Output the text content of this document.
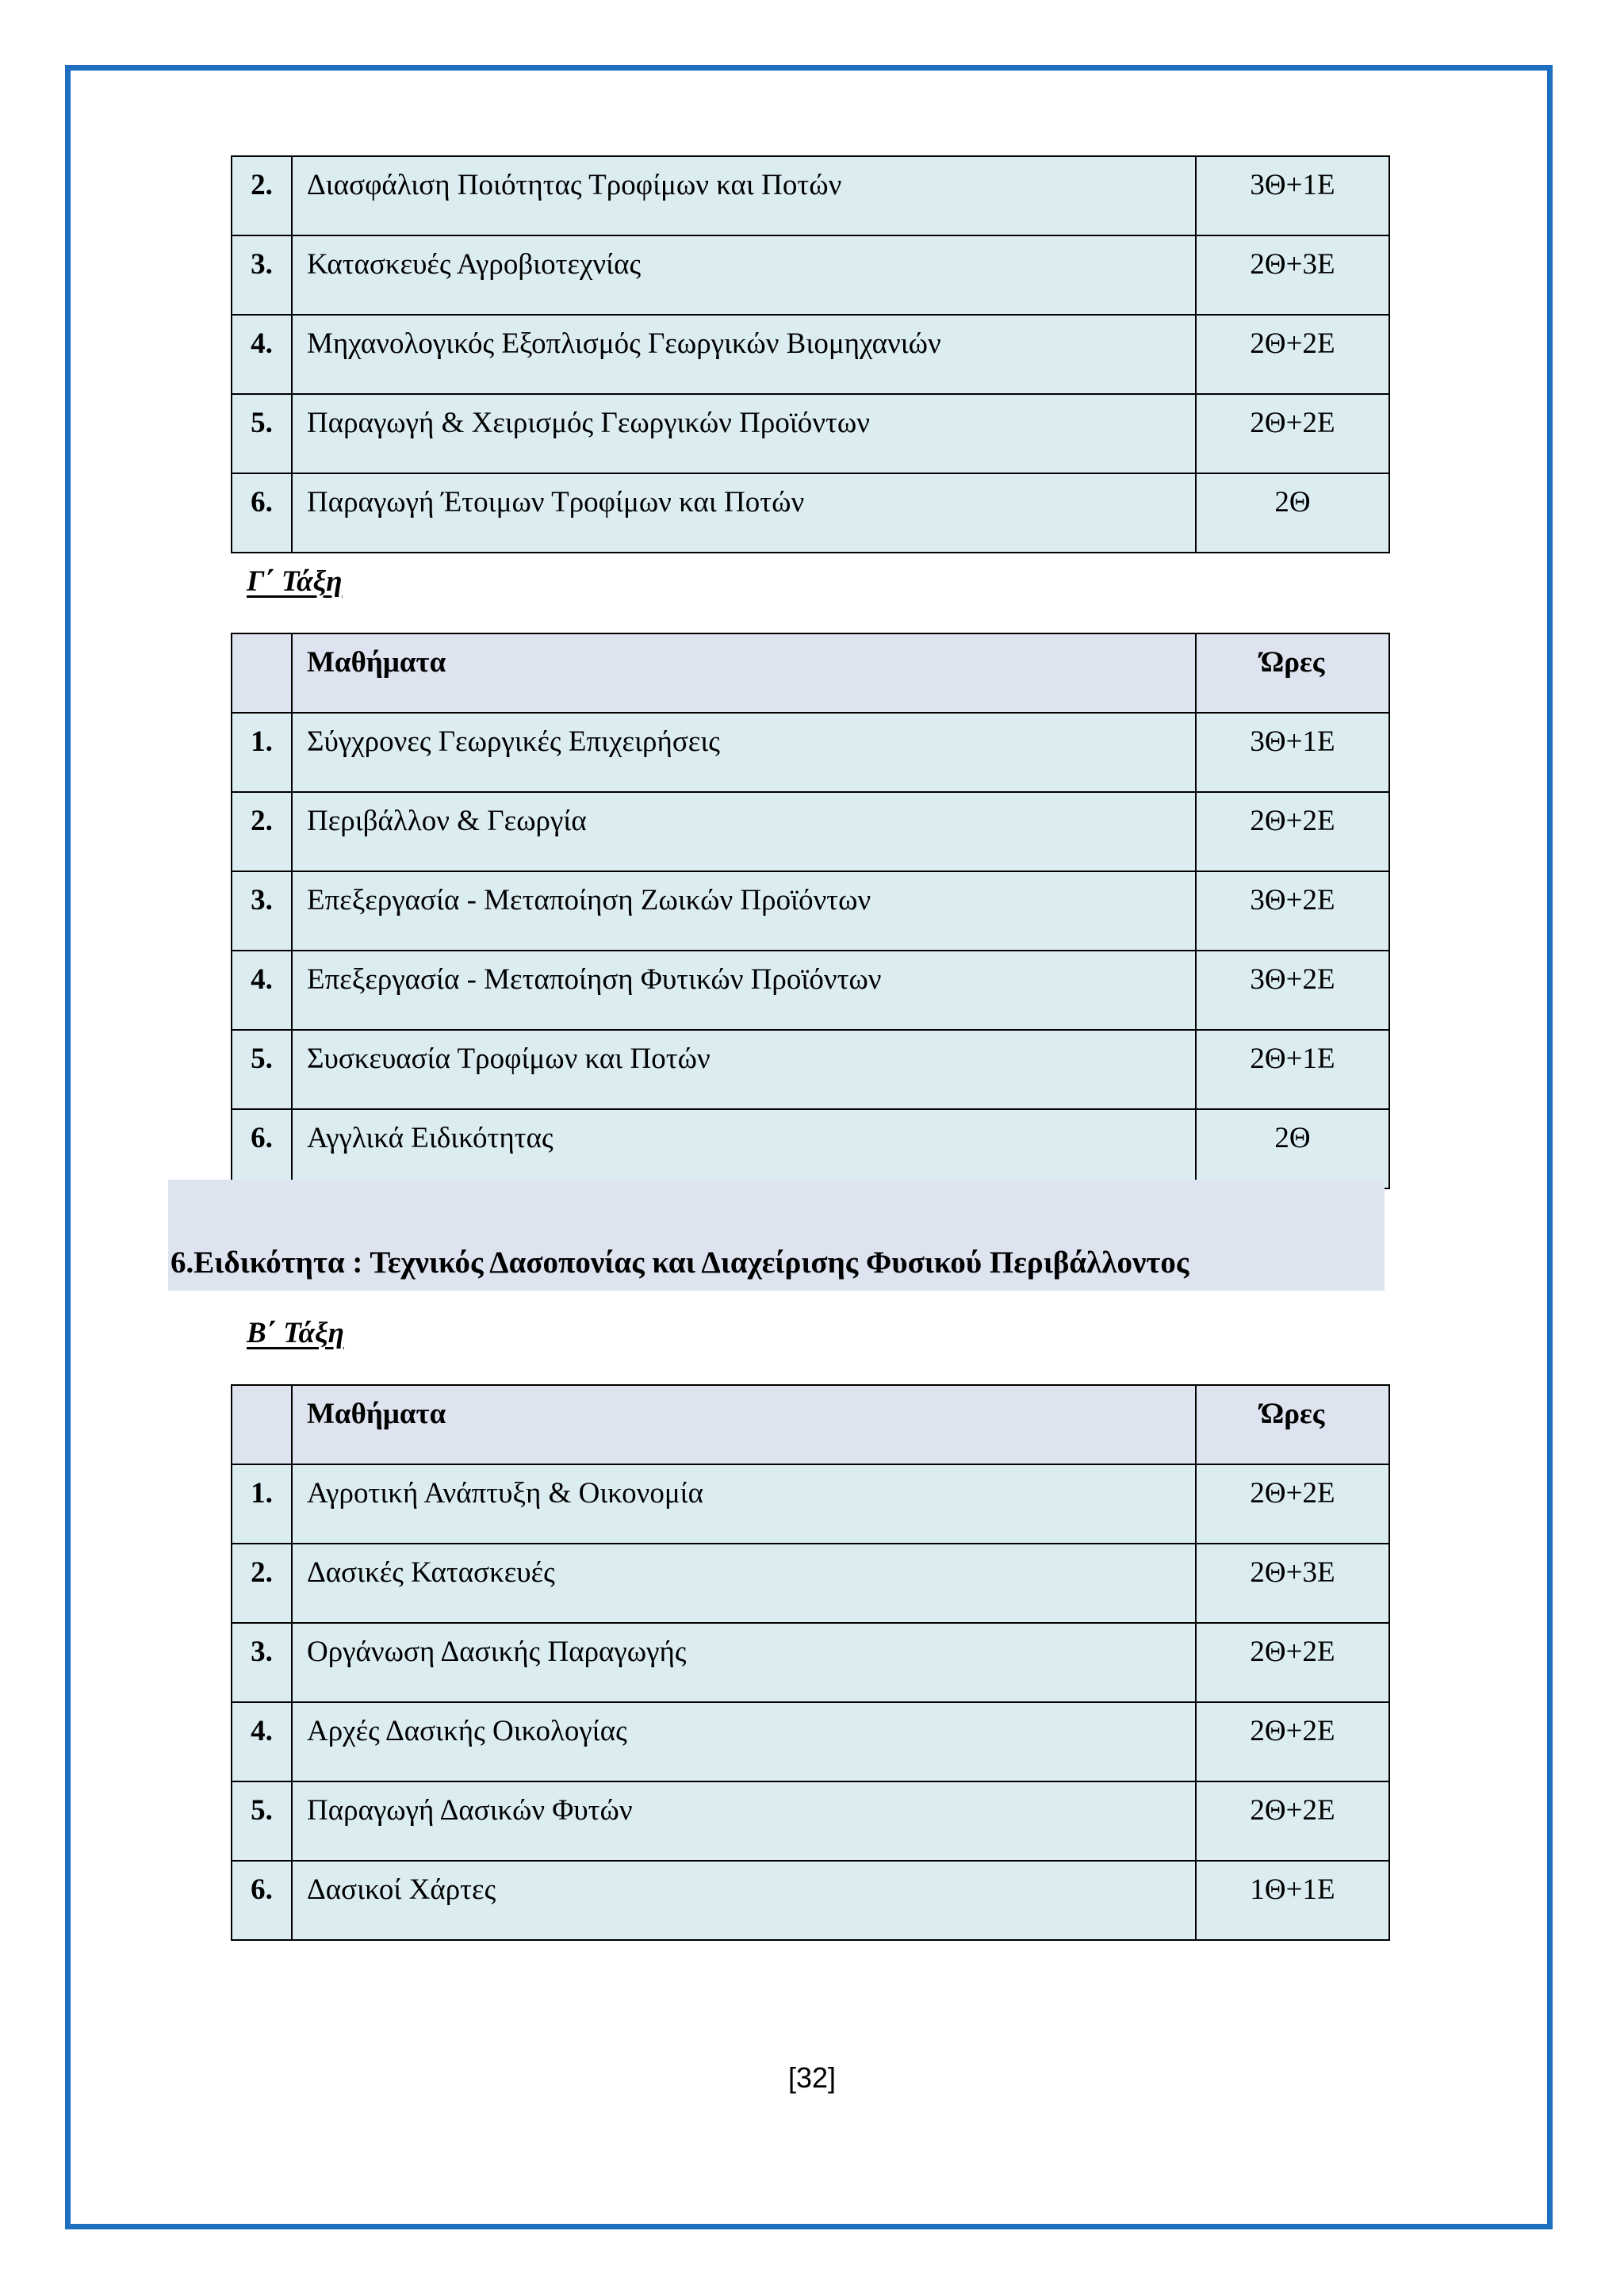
2.	Διασφάλιση Ποιότητας Τροφίμων και Ποτών	3Θ+1Ε
3.	Κατασκευές Αγροβιοτεχνίας	2Θ+3Ε
4.	Μηχανολογικός Εξοπλισμός Γεωργικών Βιομηχανιών	2Θ+2Ε
5.	Παραγωγή & Χειρισμός Γεωργικών Προϊόντων	2Θ+2Ε
6.	Παραγωγή Έτοιμων Τροφίμων και Ποτών	2Θ
Γ΄ Τάξη
	Μαθήματα	Ώρες
1.	Σύγχρονες Γεωργικές Επιχειρήσεις	3Θ+1Ε
2.	Περιβάλλον & Γεωργία	2Θ+2Ε
3.	Επεξεργασία - Μεταποίηση Ζωικών Προϊόντων	3Θ+2Ε
4.	Επεξεργασία - Μεταποίηση Φυτικών Προϊόντων	3Θ+2Ε
5.	Συσκευασία Τροφίμων και Ποτών	2Θ+1Ε
6.	Αγγλικά Ειδικότητας	2Θ
6.Ειδικότητα : Τεχνικός Δασοπονίας και Διαχείρισης Φυσικού Περιβάλλοντος
Β΄ Τάξη
	Μαθήματα	Ώρες
1.	Αγροτική Ανάπτυξη & Οικονομία	2Θ+2Ε
2.	Δασικές Κατασκευές	2Θ+3Ε
3.	Οργάνωση Δασικής Παραγωγής	2Θ+2Ε
4.	Αρχές Δασικής Οικολογίας	2Θ+2Ε
5.	Παραγωγή Δασικών Φυτών	2Θ+2Ε
6.	Δασικοί Χάρτες	1Θ+1Ε
[32]
